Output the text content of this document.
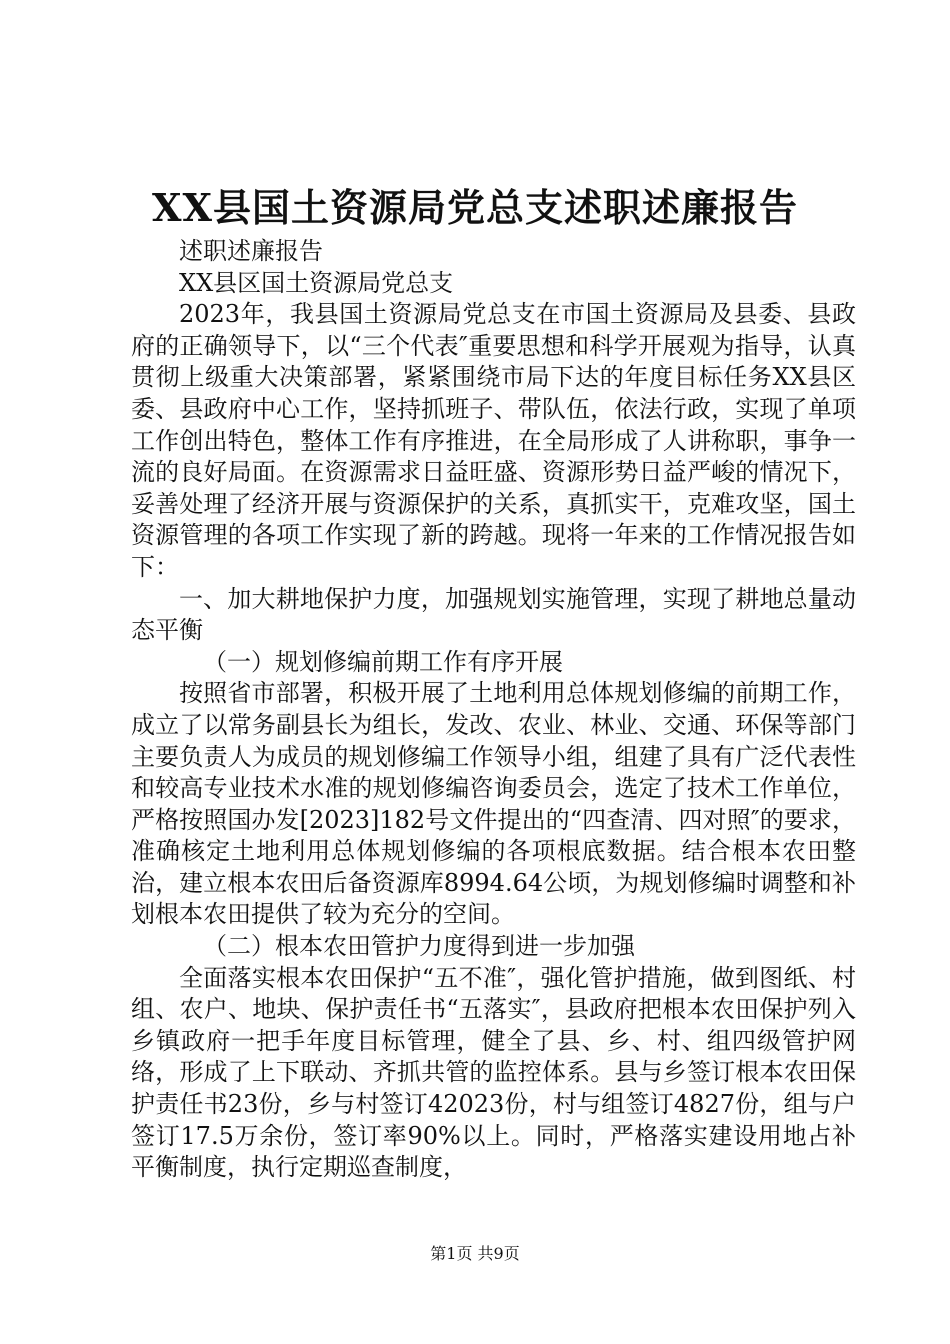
XX县国土资源局党总支述职述廉报告

述职述廉报告

XX县区国土资源局党总支

2023年，我县国土资源局党总支在市国土资源局及县委、县政府的正确领导下，以“三个代表″重要思想和科学开展观为指导，认真贯彻上级重大决策部署，紧紧围绕市局下达的年度目标任务XX县区委、县政府中心工作，坚持抓班子、带队伍，依法行政，实现了单项工作创出特色，整体工作有序推进，在全局形成了人讲称职，事争一流的良好局面。在资源需求日益旺盛、资源形势日益严峻的情况下，妥善处理了经济开展与资源保护的关系，真抓实干，克难攻坚，国土资源管理的各项工作实现了新的跨越。现将一年来的工作情况报告如下：

一、加大耕地保护力度，加强规划实施管理，实现了耕地总量动态平衡

（一）规划修编前期工作有序开展

按照省市部署，积极开展了土地利用总体规划修编的前期工作，成立了以常务副县长为组长，发改、农业、林业、交通、环保等部门主要负责人为成员的规划修编工作领导小组，组建了具有广泛代表性和较高专业技术水准的规划修编咨询委员会，选定了技术工作单位，严格按照国办发[2023]182号文件提出的“四查清、四对照″的要求，准确核定土地利用总体规划修编的各项根底数据。结合根本农田整治，建立根本农田后备资源库8994.64公顷，为规划修编时调整和补划根本农田提供了较为充分的空间。

（二）根本农田管护力度得到进一步加强

全面落实根本农田保护“五不准″，强化管护措施，做到图纸、村组、农户、地块、保护责任书“五落实″，县政府把根本农田保护列入乡镇政府一把手年度目标管理，健全了县、乡、村、组四级管护网络，形成了上下联动、齐抓共管的监控体系。县与乡签订根本农田保护责任书23份，乡与村签订42023份，村与组签订4827份，组与户签订17.5万余份，签订率90%以上。同时，严格落实建设用地占补平衡制度，执行定期巡查制度，

第1页 共9页
